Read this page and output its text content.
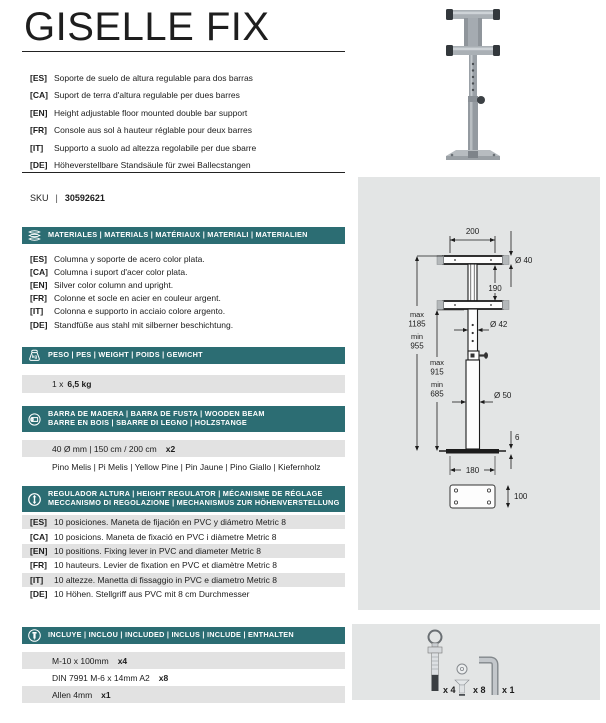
GISELLE FIX
[ES] Soporte de suelo de altura regulable para dos barras
[CA] Suport de terra d'altura regulable per dues barres
[EN] Height adjustable floor mounted double bar support
[FR] Console aus sol à hauteur réglable pour deux barres
[IT]	Supporto a suolo ad altezza regolabile per due sbarre
[DE] Höheverstellbare Standsäule für zwei Ballecstangen
SKU | 30592621
MATERIALES | MATERIALS | MATÉRIAUX | MATERIALI | MATERIALIEN
[ES] Columna y soporte de acero color plata.
[CA] Columna i suport d'acer color plata.
[EN] Silver color column and upright.
[FR] Colonne et socle en acier en couleur argent.
[IT]	Colonna e supporto in acciaio colore argento.
[DE] Standfüße aus stahl mit silberner beschichtung.
kg PESO | PES | WEIGHT | POIDS | GEWICHT
1 x 6,5 kg
BARRA DE MADERA | BARRA DE FUSTA | WOODEN BEAM
BARRE EN BOIS | SBARRE DI LEGNO | HOLZSTANGE
40 Ø mm | 150 cm / 200 cm x2
Pino Melis | Pi Melis | Yellow Pine | Pin Jaune | Pino Giallo | Kiefernholz
REGULADOR ALTURA | HEIGHT REGULATOR | MÉCANISME DE RÉGLAGE
MECCANISMO DI REGOLAZIONE | MECHANISMUS ZUR HÖHENVERSTELLUNG
[ES] 10 posiciones. Maneta de fijación en PVC y diámetro Metric 8
[CA] 10 posicions. Maneta de fixació en PVC i diàmetre Metric 8
[EN] 10 positions. Fixing lever in PVC and diameter Metric 8
[FR] 10 hauteurs. Levier de fixation en PVC et diamètre Metric 8
[IT]	10 altezze. Manetta di fissaggio in PVC e diametro Metric 8
[DE] 10 Höhen. Stellgriff aus PVC mit 8 cm Durchmesser
INCLUYE | INCLOU | INCLUDED | INCLUS | INCLUDE | ENTHALTEN
M-10 x 100mm x4
DIN 7991 M-6 x 14mm A2 x8
Allen 4mm x1
200
Ø 40
190
max
1185
min
955
max
915
min
685
Ø 42
Ø 50
6
180
100
x 4 x 8 x 1
